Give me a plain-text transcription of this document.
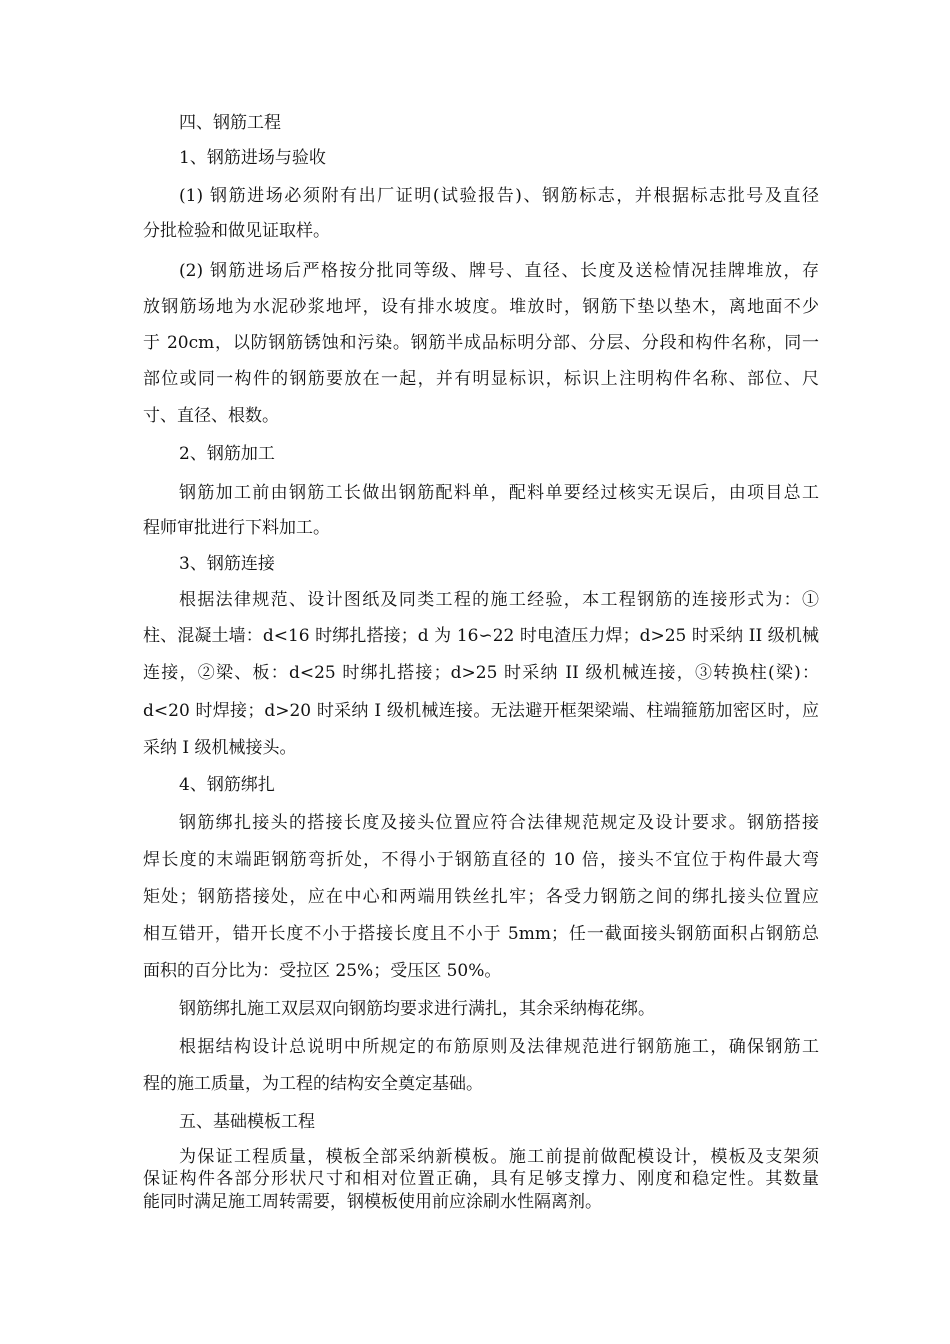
四、钢筋工程
1、钢筋进场与验收
(1) 钢筋进场必须附有出厂证明(试验报告)、钢筋标志，并根据标志批号及直径
分批检验和做见证取样。
(2) 钢筋进场后严格按分批同等级、牌号、直径、长度及送检情况挂牌堆放，存
放钢筋场地为水泥砂浆地坪，设有排水坡度。堆放时，钢筋下垫以垫木，离地面不少
于 20cm，以防钢筋锈蚀和污染。钢筋半成品标明分部、分层、分段和构件名称，同一
部位或同一构件的钢筋要放在一起，并有明显标识，标识上注明构件名称、部位、尺
寸、直径、根数。
2、钢筋加工
钢筋加工前由钢筋工长做出钢筋配料单，配料单要经过核实无误后，由项目总工
程师审批进行下料加工。
3、钢筋连接
根据法律规范、设计图纸及同类工程的施工经验，本工程钢筋的连接形式为：①
柱、混凝土墙：d<16 时绑扎搭接；d 为 16∽22 时电渣压力焊；d>25 时采纳 II 级机械
连接，②梁、板：d<25 时绑扎搭接；d>25 时采纳 II 级机械连接，③转换柱(梁)：
d<20 时焊接；d>20 时采纳 I 级机械连接。无法避开框架梁端、柱端箍筋加密区时，应
采纳 I 级机械接头。
4、钢筋绑扎
钢筋绑扎接头的搭接长度及接头位置应符合法律规范规定及设计要求。钢筋搭接
焊长度的末端距钢筋弯折处，不得小于钢筋直径的 10 倍，接头不宜位于构件最大弯
矩处；钢筋搭接处，应在中心和两端用铁丝扎牢；各受力钢筋之间的绑扎接头位置应
相互错开，错开长度不小于搭接长度且不小于 5mm；任一截面接头钢筋面积占钢筋总
面积的百分比为：受拉区 25%；受压区 50%。
钢筋绑扎施工双层双向钢筋均要求进行满扎，其余采纳梅花绑。
根据结构设计总说明中所规定的布筋原则及法律规范进行钢筋施工，确保钢筋工
程的施工质量，为工程的结构安全奠定基础。
五、基础模板工程
为保证工程质量，模板全部采纳新模板。施工前提前做配模设计，模板及支架须
保证构件各部分形状尺寸和相对位置正确，具有足够支撑力、刚度和稳定性。其数量
能同时满足施工周转需要，钢模板使用前应涂刷水性隔离剂。
